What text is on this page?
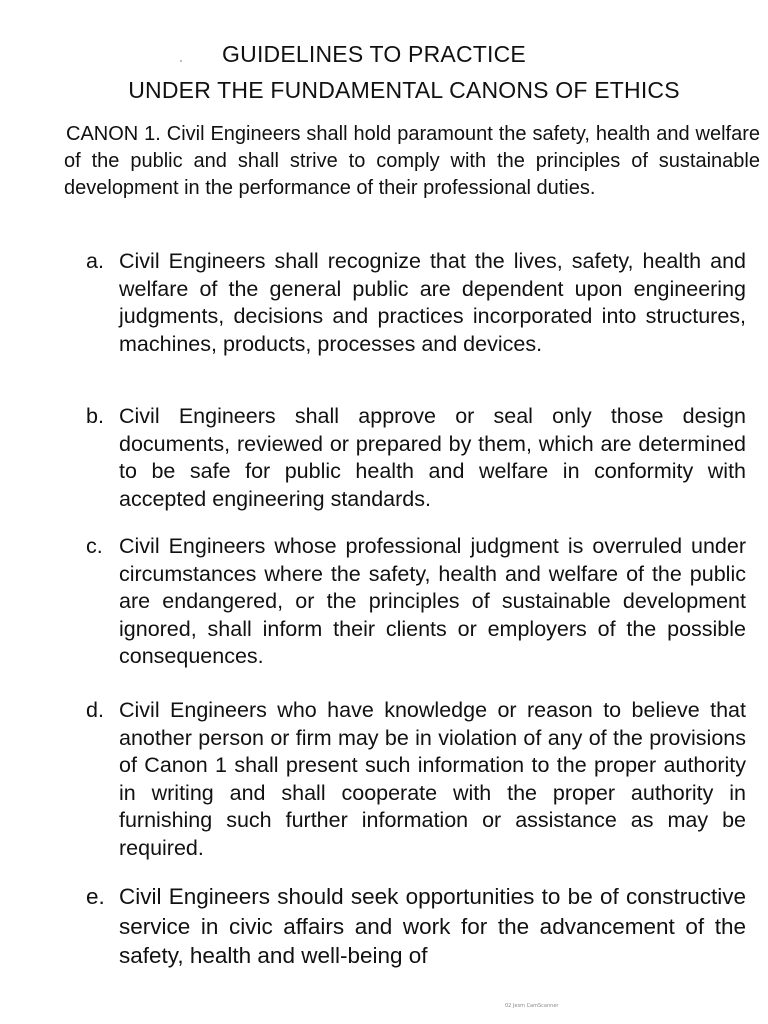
GUIDELINES TO PRACTICE
UNDER THE FUNDAMENTAL CANONS OF ETHICS
CANON 1. Civil Engineers shall hold paramount the safety, health and welfare of the public and shall strive to comply with the principles of sustainable development in the performance of their professional duties.
a. Civil Engineers shall recognize that the lives, safety, health and welfare of the general public are dependent upon engineering judgments, decisions and practices incorporated into structures, machines, products, processes and devices.
b. Civil Engineers shall approve or seal only those design documents, reviewed or prepared by them, which are determined to be safe for public health and welfare in conformity with accepted engineering standards.
c. Civil Engineers whose professional judgment is overruled under circumstances where the safety, health and welfare of the public are endangered, or the principles of sustainable development ignored, shall inform their clients or employers of the possible consequences.
d. Civil Engineers who have knowledge or reason to believe that another person or firm may be in violation of any of the provisions of Canon 1 shall present such information to the proper authority in writing and shall cooperate with the proper authority in furnishing such further information or assistance as may be required.
e. Civil Engineers should seek opportunities to be of constructive service in civic affairs and work for the advancement of the safety, health and well-being of
02 Jesm CamScanner
